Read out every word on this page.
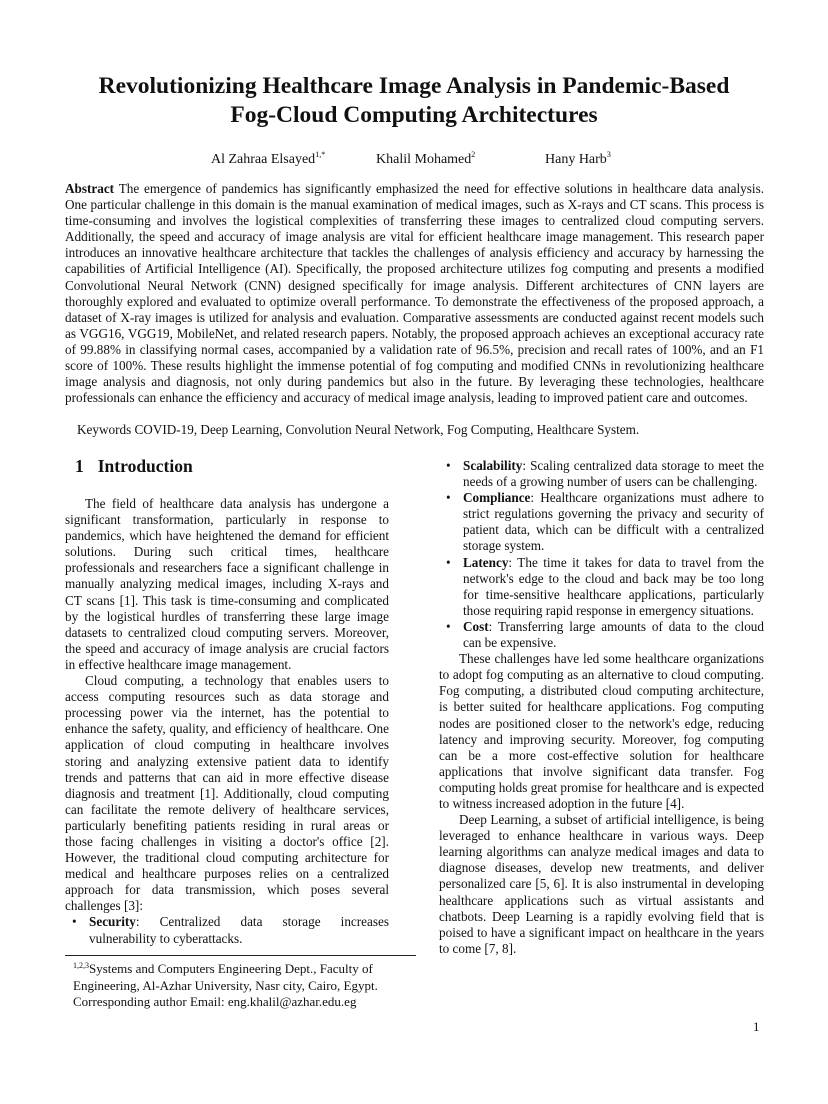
Revolutionizing Healthcare Image Analysis in Pandemic-Based
Fog-Cloud Computing Architectures
Al Zahraa Elsayed$^{1,*}$	Khalil Mohamed$^2$	Hany Harb$^3$

Abstract The emergence of pandemics has significantly emphasized the need for effective solutions in healthcare data analysis. One particular challenge in this domain is the manual examination of medical images, such as X-rays and CT scans. This process is time-consuming and involves the logistical complexities of transferring these images to centralized cloud computing servers. Additionally, the speed and accuracy of image analysis are vital for efficient healthcare image management. This research paper introduces an innovative healthcare architecture that tackles the challenges of analysis efficiency and accuracy by harnessing the capabilities of Artificial Intelligence (AI). Specifically, the proposed architecture utilizes fog computing and presents a modified Convolutional Neural Network (CNN) designed specifically for image analysis. Different architectures of CNN layers are thoroughly explored and evaluated to optimize overall performance. To demonstrate the effectiveness of the proposed approach, a dataset of X-ray images is utilized for analysis and evaluation. Comparative assessments are conducted against recent models such as VGG16, VGG19, MobileNet, and related research papers. Notably, the proposed approach achieves an exceptional accuracy rate of 99.88% in classifying normal cases, accompanied by a validation rate of 96.5%, precision and recall rates of 100%, and an F1 score of 100%. These results highlight the immense potential of fog computing and modified CNNs in revolutionizing healthcare image analysis and diagnosis, not only during pandemics but also in the future. By leveraging these technologies, healthcare professionals can enhance the efficiency and accuracy of medical image analysis, leading to improved patient care and outcomes.

Keywords COVID-19, Deep Learning, Convolution Neural Network, Fog Computing, Healthcare System.

1 Introduction

The field of healthcare data analysis has undergone a significant transformation, particularly in response to pandemics, which have heightened the demand for efficient solutions. During such critical times, healthcare professionals and researchers face a significant challenge in manually analyzing medical images, including X-rays and CT scans [1]. This task is time-consuming and complicated by the logistical hurdles of transferring these large image datasets to centralized cloud computing servers. Moreover, the speed and accuracy of image analysis are crucial factors in effective healthcare image management.

Cloud computing, a technology that enables users to access computing resources such as data storage and processing power via the internet, has the potential to enhance the safety, quality, and efficiency of healthcare. One application of cloud computing in healthcare involves storing and analyzing extensive patient data to identify trends and patterns that can aid in more effective disease diagnosis and treatment [1]. Additionally, cloud computing can facilitate the remote delivery of healthcare services, particularly benefiting patients residing in rural areas or those facing challenges in visiting a doctor's office [2]. However, the traditional cloud computing architecture for medical and healthcare purposes relies on a centralized approach for data transmission, which poses several challenges [3]:

• Security: Centralized data storage increases vulnerability to cyberattacks.
• Scalability: Scaling centralized data storage to meet the needs of a growing number of users can be challenging.
• Compliance: Healthcare organizations must adhere to strict regulations governing the privacy and security of patient data, which can be difficult with a centralized storage system.
• Latency: The time it takes for data to travel from the network's edge to the cloud and back may be too long for time-sensitive healthcare applications, particularly those requiring rapid response in emergency situations.
• Cost: Transferring large amounts of data to the cloud can be expensive.

These challenges have led some healthcare organizations to adopt fog computing as an alternative to cloud computing. Fog computing, a distributed cloud computing architecture, is better suited for healthcare applications. Fog computing nodes are positioned closer to the network's edge, reducing latency and improving security. Moreover, fog computing can be a more cost-effective solution for healthcare applications that involve significant data transfer. Fog computing holds great promise for healthcare and is expected to witness increased adoption in the future [4].

Deep Learning, a subset of artificial intelligence, is being leveraged to enhance healthcare in various ways. Deep learning algorithms can analyze medical images and data to diagnose diseases, develop new treatments, and deliver personalized care [5, 6]. It is also instrumental in developing healthcare applications such as virtual assistants and chatbots. Deep Learning is a rapidly evolving field that is poised to have a significant impact on healthcare in the years to come [7, 8].

$^{1,2,3}$Systems and Computers Engineering Dept., Faculty of Engineering, Al-Azhar University, Nasr city, Cairo, Egypt. Corresponding author Email: eng.khalil@azhar.edu.eg

1
